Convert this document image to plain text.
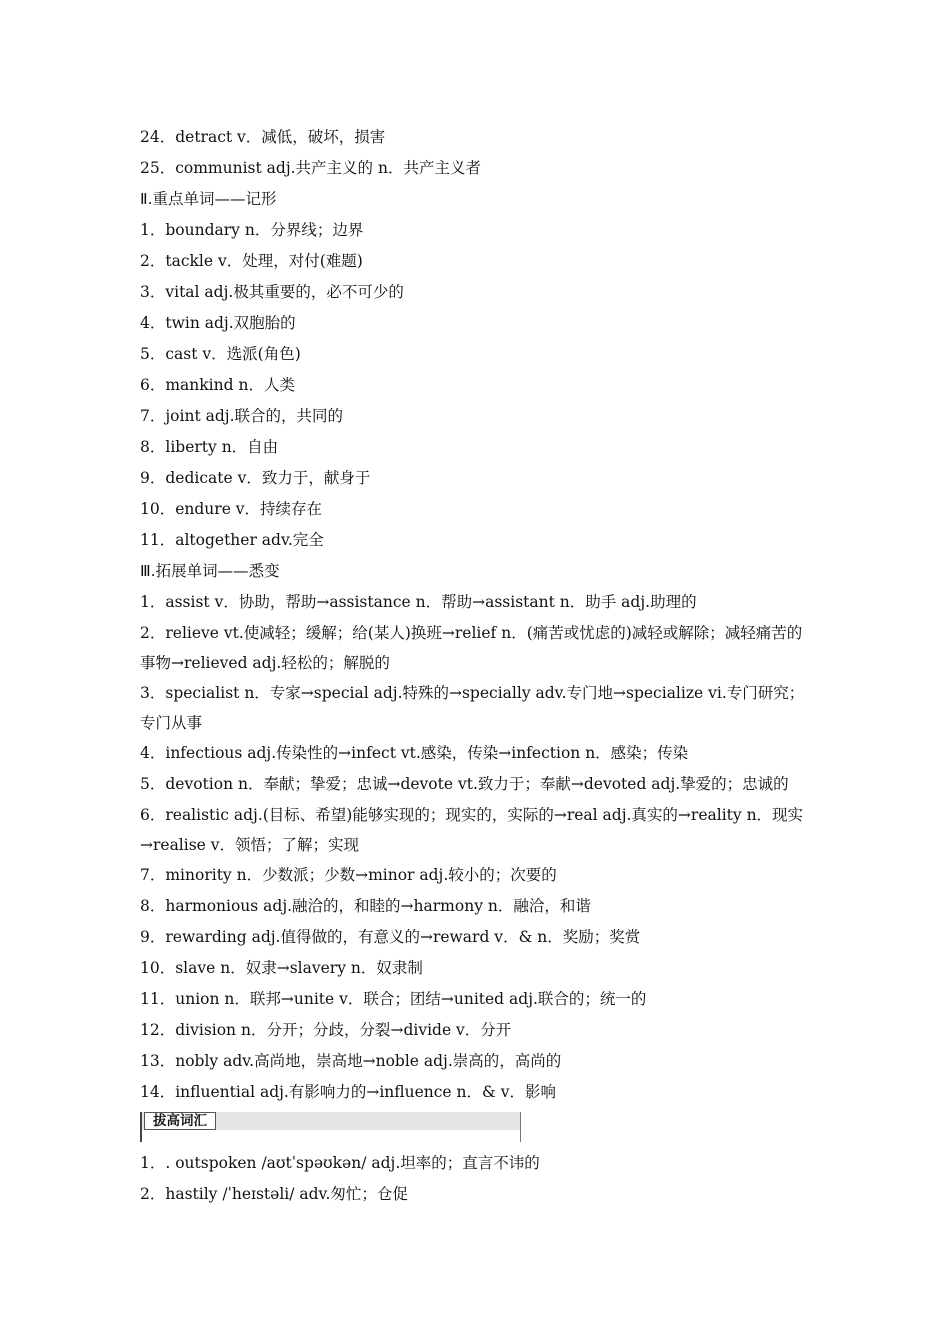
24．detract v．减低，破坏，损害
25．communist adj.共产主义的 n．共产主义者
Ⅱ.重点单词——记形
1．boundary n．分界线；边界
2．tackle v．处理，对付(难题)
3．vital adj.极其重要的，必不可少的
4．twin adj.双胞胎的
5．cast v．选派(角色)
6．mankind n．人类
7．joint adj.联合的，共同的
8．liberty n．自由
9．dedicate v．致力于，献身于
10．endure v．持续存在
11．altogether adv.完全
Ⅲ.拓展单词——悉变
1．assist v．协助，帮助→assistance n．帮助→assistant n．助手 adj.助理的
2．relieve vt.使减轻；缓解；给(某人)换班→relief n．(痛苦或忧虑的)减轻或解除；减轻痛苦的事物→relieved adj.轻松的；解脱的
3．specialist n．专家→special adj.特殊的→specially adv.专门地→specialize vi.专门研究；专门从事
4．infectious adj.传染性的→infect vt.感染，传染→infection n．感染；传染
5．devotion n．奉献；挚爱；忠诚→devote vt.致力于；奉献→devoted adj.挚爱的；忠诚的
6．realistic adj.(目标、希望)能够实现的；现实的，实际的→real adj.真实的→reality n．现实→realise v．领悟；了解；实现
7．minority n．少数派；少数→minor adj.较小的；次要的
8．harmonious adj.融洽的，和睦的→harmony n．融洽，和谐
9．rewarding adj.值得做的，有意义的→reward v．& n．奖励；奖赏
10．slave n．奴隶→slavery n．奴隶制
11．union n．联邦→unite v．联合；团结→united adj.联合的；统一的
12．division n．分开；分歧，分裂→divide v．分开
13．nobly adv.高尚地，崇高地→noble adj.崇高的，高尚的
14．influential adj.有影响力的→influence n．& v．影响
拔高词汇
1．. outspoken /aʊtˈspəʊkən/ adj.坦率的；直言不讳的
2．hastily /ˈheɪstəli/ adv.匆忙；仓促
